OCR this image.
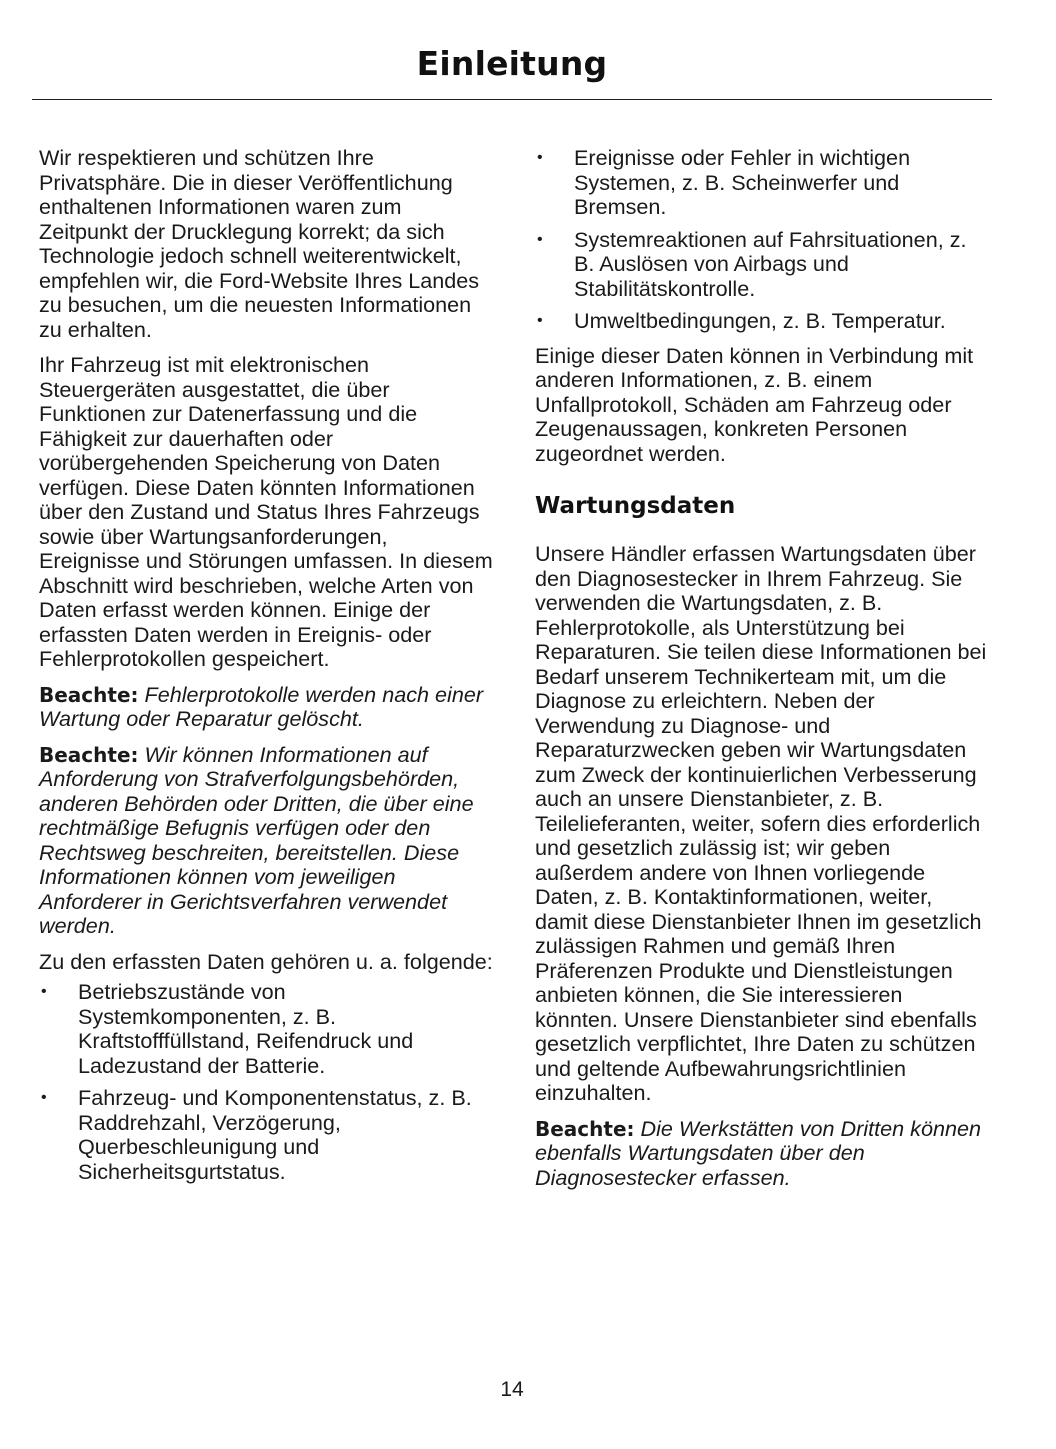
Einleitung

Wir respektieren und schützen Ihre Privatsphäre. Die in dieser Veröffentlichung enthaltenen Informationen waren zum Zeitpunkt der Drucklegung korrekt; da sich Technologie jedoch schnell weiterentwickelt, empfehlen wir, die Ford-Website Ihres Landes zu besuchen, um die neuesten Informationen zu erhalten.

Ihr Fahrzeug ist mit elektronischen Steuergeräten ausgestattet, die über Funktionen zur Datenerfassung und die Fähigkeit zur dauerhaften oder vorübergehenden Speicherung von Daten verfügen. Diese Daten könnten Informationen über den Zustand und Status Ihres Fahrzeugs sowie über Wartungsanforderungen, Ereignisse und Störungen umfassen. In diesem Abschnitt wird beschrieben, welche Arten von Daten erfasst werden können. Einige der erfassten Daten werden in Ereignis- oder Fehlerprotokollen gespeichert.

Beachte: Fehlerprotokolle werden nach einer Wartung oder Reparatur gelöscht.

Beachte: Wir können Informationen auf Anforderung von Strafverfolgungsbehörden, anderen Behörden oder Dritten, die über eine rechtmäßige Befugnis verfügen oder den Rechtsweg beschreiten, bereitstellen. Diese Informationen können vom jeweiligen Anforderer in Gerichtsverfahren verwendet werden.

Zu den erfassten Daten gehören u. a. folgende:

• Betriebszustände von Systemkomponenten, z. B. Kraftstofffüllstand, Reifendruck und Ladezustand der Batterie.
• Fahrzeug- und Komponentenstatus, z. B. Raddrehzahl, Verzögerung, Querbeschleunigung und Sicherheitsgurtstatus.
• Ereignisse oder Fehler in wichtigen Systemen, z. B. Scheinwerfer und Bremsen.
• Systemreaktionen auf Fahrsituationen, z. B. Auslösen von Airbags und Stabilitätskontrolle.
• Umweltbedingungen, z. B. Temperatur.

Einige dieser Daten können in Verbindung mit anderen Informationen, z. B. einem Unfallprotokoll, Schäden am Fahrzeug oder Zeugenaussagen, konkreten Personen zugeordnet werden.

Wartungsdaten

Unsere Händler erfassen Wartungsdaten über den Diagnosestecker in Ihrem Fahrzeug. Sie verwenden die Wartungsdaten, z. B. Fehlerprotokolle, als Unterstützung bei Reparaturen. Sie teilen diese Informationen bei Bedarf unserem Technikerteam mit, um die Diagnose zu erleichtern. Neben der Verwendung zu Diagnose- und Reparaturzwecken geben wir Wartungsdaten zum Zweck der kontinuierlichen Verbesserung auch an unsere Dienstanbieter, z. B. Teilelieferanten, weiter, sofern dies erforderlich und gesetzlich zulässig ist; wir geben außerdem andere von Ihnen vorliegende Daten, z. B. Kontaktinformationen, weiter, damit diese Dienstanbieter Ihnen im gesetzlich zulässigen Rahmen und gemäß Ihren Präferenzen Produkte und Dienstleistungen anbieten können, die Sie interessieren könnten. Unsere Dienstanbieter sind ebenfalls gesetzlich verpflichtet, Ihre Daten zu schützen und geltende Aufbewahrungsrichtlinien einzuhalten.

Beachte: Die Werkstätten von Dritten können ebenfalls Wartungsdaten über den Diagnosestecker erfassen.

14
